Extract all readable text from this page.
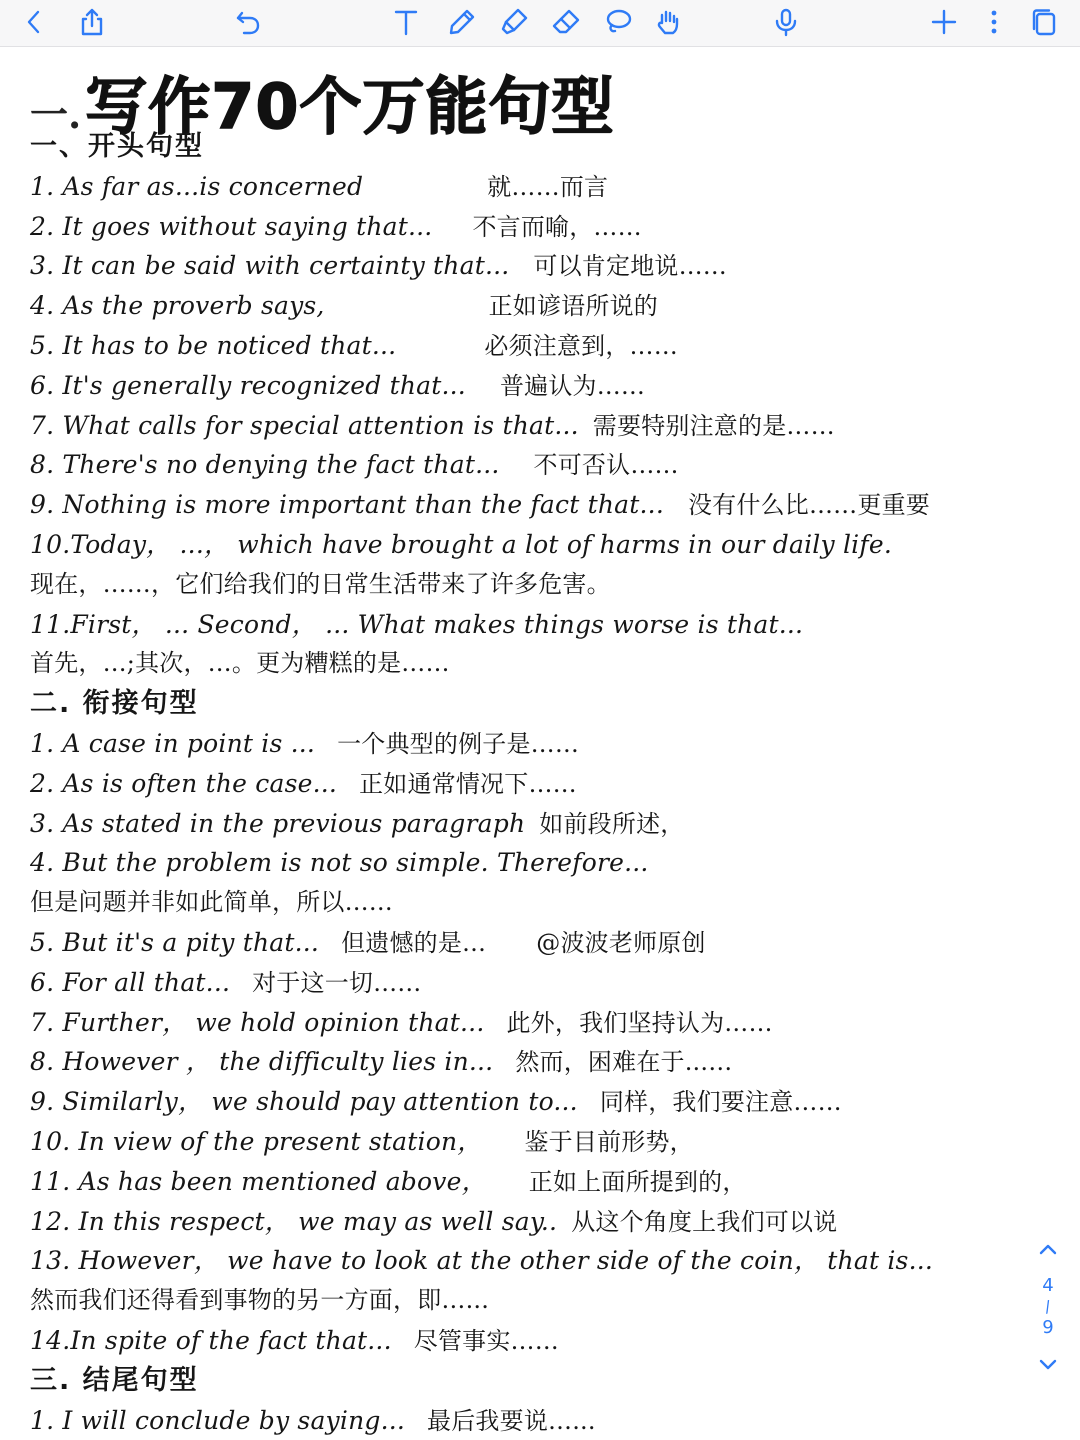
一. 写作70个万能句型
一、开头句型
1. As far as...is concerned	就……而言
2. It goes without saying that... 不言而喻，……
3. It can be said with certainty that... 可以肯定地说……
4. As the proverb says,	正如谚语所说的
5. It has to be noticed that...	必须注意到，……
6. It's generally recognized that... 普遍认为……
7. What calls for special attention is that... 需要特别注意的是……
8. There's no denying the fact that... 不可否认……
9. Nothing is more important than the fact that... 没有什么比……更重要
10.Today， ...， which have brought a lot of harms in our daily life.
现在，……，它们给我们的日常生活带来了许多危害。
11.First， ... Second， ... What makes things worse is that...
首先，…;其次，…。更为糟糕的是……
二. 衔接句型
1. A case in point is ... 一个典型的例子是……
2. As is often the case... 正如通常情况下……
3. As stated in the previous paragraph 如前段所述，
4. But the problem is not so simple. Therefore...
但是问题并非如此简单，所以……
5. But it's a pity that... 但遗憾的是… @波波老师原创
6. For all that... 对于这一切……
7. Further， we hold opinion that... 此外，我们坚持认为……
8. However ， the difficulty lies in... 然而，困难在于...…
9. Similarly， we should pay attention to... 同样，我们要注意……
10. In view of the present station， 鉴于目前形势，
11. As has been mentioned above， 正如上面所提到的，
12. In this respect， we may as well say.. 从这个角度上我们可以说
13. However， we have to look at the other side of the coin， that is...
然而我们还得看到事物的另一方面，即…...
14.In spite of the fact that... 尽管事实……
三. 结尾句型
1. I will conclude by saying... 最后我要说…...
4
/
9
